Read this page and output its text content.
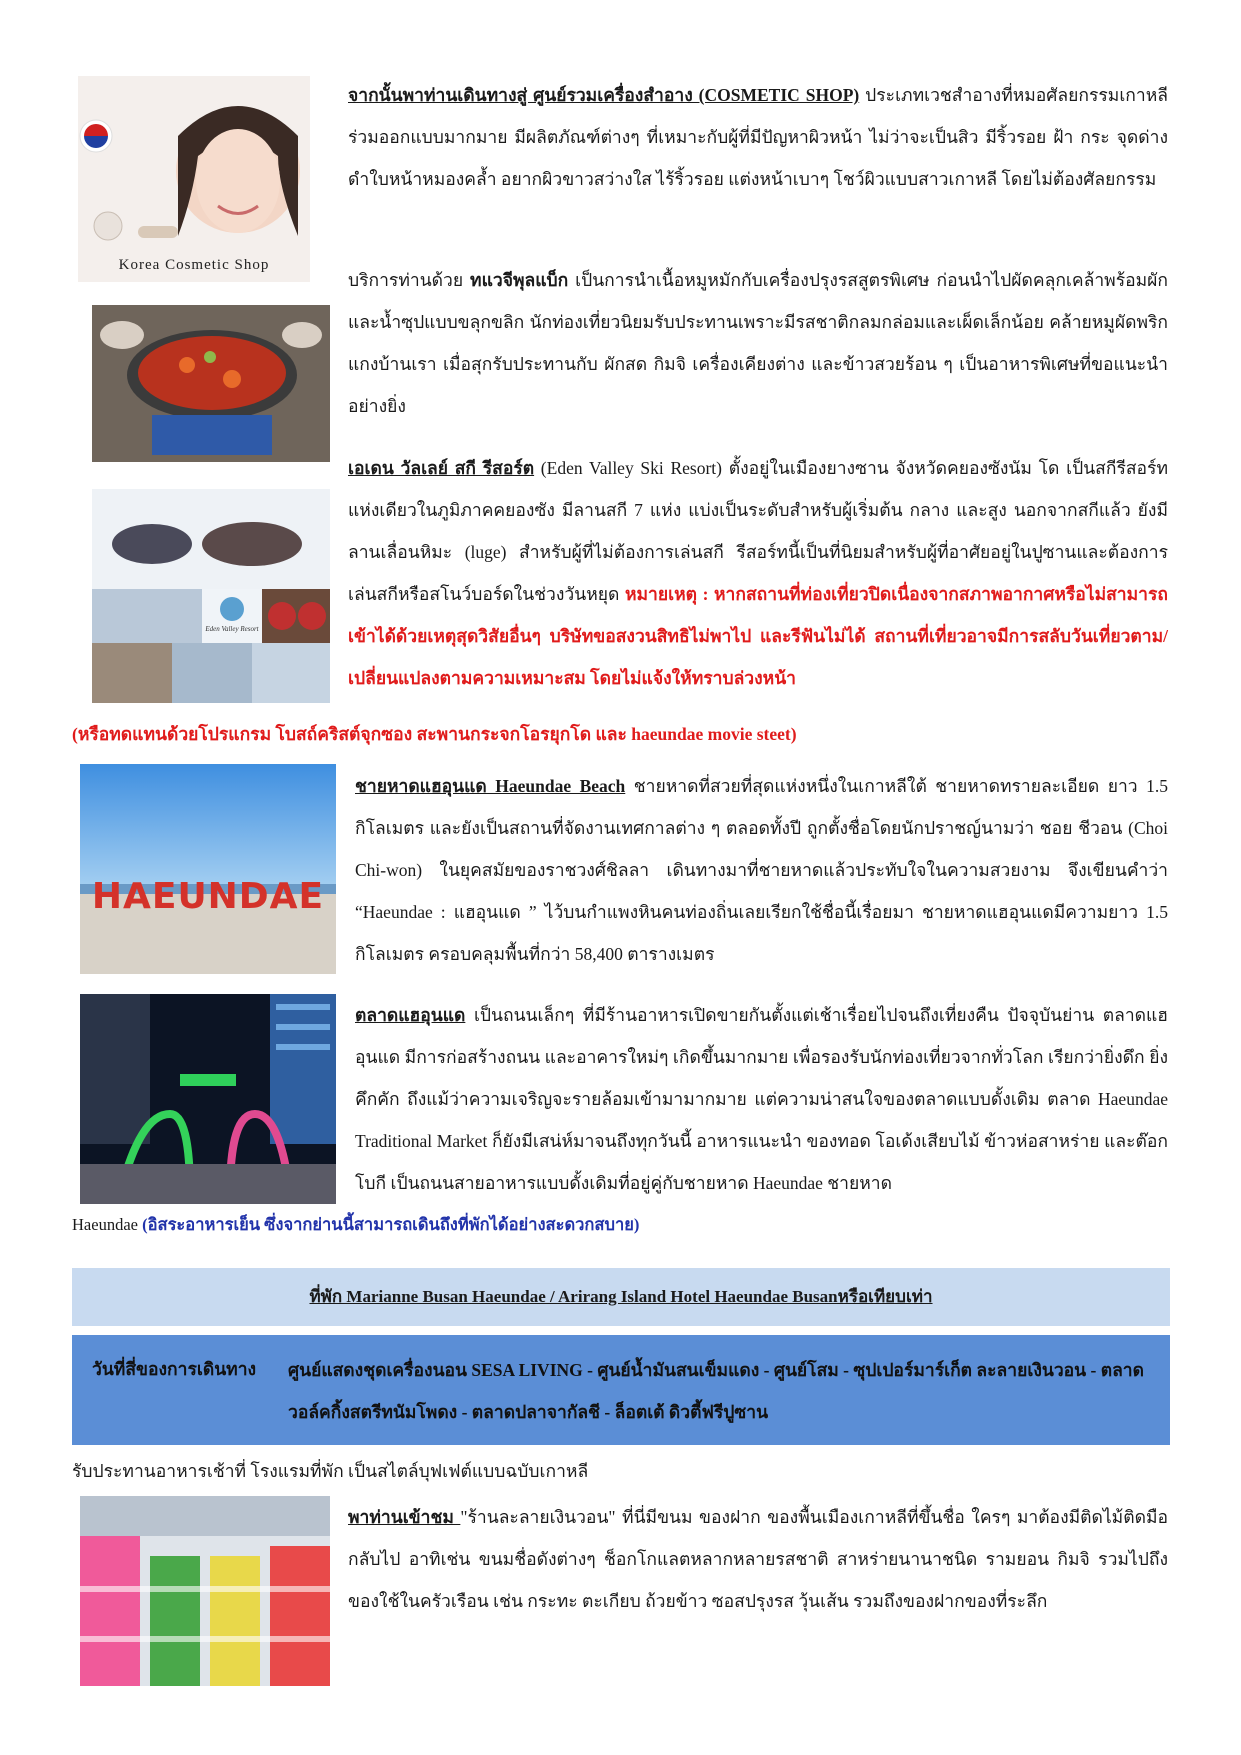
Korea Cosmetic Shop
จากนั้นพาท่านเดินทางสู่ ศูนย์รวมเครื่องสำอาง (COSMETIC SHOP) ประเภทเวชสำอางที่หมอศัลยกรรมเกาหลีร่วมออกแบบมากมาย มีผลิตภัณฑ์ต่างๆ ที่เหมาะกับผู้ที่มีปัญหาผิวหน้า ไม่ว่าจะเป็นสิว มีริ้วรอย ฝ้า กระ จุดด่างดำใบหน้าหมองคล้ำ อยากผิวขาวสว่างใส ไร้ริ้วรอย แต่งหน้าเบาๆ โชว์ผิวแบบสาวเกาหลี โดยไม่ต้องศัลยกรรม
บริการท่านด้วย ทแวจีพุลแบ็ก เป็นการนำเนื้อหมูหมักกับเครื่องปรุงรสสูตรพิเศษ ก่อนนำไปผัดคลุกเคล้าพร้อมผักและน้ำซุปแบบขลุกขลิก นักท่องเที่ยวนิยมรับประทานเพราะมีรสชาติกลมกล่อมและเผ็ดเล็กน้อย คล้ายหมูผัดพริกแกงบ้านเรา เมื่อสุกรับประทานกับ ผักสด กิมจิ เครื่องเคียงต่าง และข้าวสวยร้อน ๆ เป็นอาหารพิเศษที่ขอแนะนำอย่างยิ่ง
Eden Valley Resort
เอเดน วัลเลย์ สกี รีสอร์ต (Eden Valley Ski Resort) ตั้งอยู่ในเมืองยางซาน จังหวัดคยองซังนัม โด เป็นสกีรีสอร์ทแห่งเดียวในภูมิภาคคยองซัง มีลานสกี 7 แห่ง แบ่งเป็นระดับสำหรับผู้เริ่มต้น กลาง และสูง นอกจากสกีแล้ว ยังมีลานเลื่อนหิมะ (luge) สำหรับผู้ที่ไม่ต้องการเล่นสกี รีสอร์ทนี้เป็นที่นิยมสำหรับผู้ที่อาศัยอยู่ในปูซานและต้องการเล่นสกีหรือสโนว์บอร์ดในช่วงวันหยุด หมายเหตุ : หากสถานที่ท่องเที่ยวปิดเนื่องจากสภาพอากาศหรือไม่สามารถเข้าได้ด้วยเหตุสุดวิสัยอื่นๆ บริษัทขอสงวนสิทธิไม่พาไป และรีฟันไม่ได้ สถานที่เที่ยวอาจมีการสลับวันเที่ยวตาม/เปลี่ยนแปลงตามความเหมาะสม โดยไม่แจ้งให้ทราบล่วงหน้า
(หรือทดแทนด้วยโปรแกรม โบสถ์คริสต์จุกซอง สะพานกระจกโอรยุกโด และ haeundae movie steet)
HAEUNDAE
ชายหาดแฮอุนแด Haeundae Beach ชายหาดที่สวยที่สุดแห่งหนึ่งในเกาหลีใต้ ชายหาดทรายละเอียด ยาว 1.5 กิโลเมตร และยังเป็นสถานที่จัดงานเทศกาลต่าง ๆ ตลอดทั้งปี ถูกตั้งชื่อโดยนักปราชญ์นามว่า ชอย ชีวอน (Choi Chi-won) ในยุคสมัยของราชวงศ์ชิลลา เดินทางมาที่ชายหาดแล้วประทับใจในความสวยงาม จึงเขียนคำว่า “Haeundae : แฮอุนแด ” ไว้บนกำแพงหินคนท่องถิ่นเลยเรียกใช้ชื่อนี้เรื่อยมา ชายหาดแฮอุนแดมีความยาว 1.5 กิโลเมตร ครอบคลุมพื้นที่กว่า 58,400 ตารางเมตร
ตลาดแฮอุนแด เป็นถนนเล็กๆ ที่มีร้านอาหารเปิดขายกันตั้งแต่เช้าเรื่อยไปจนถึงเที่ยงคืน ปัจจุบันย่าน ตลาดแฮอุนแด มีการก่อสร้างถนน และอาคารใหม่ๆ เกิดขึ้นมากมาย เพื่อรองรับนักท่องเที่ยวจากทั่วโลก เรียกว่ายิ่งดึก ยิ่งคึกคัก ถึงแม้ว่าความเจริญจะรายล้อมเข้ามามากมาย แต่ความน่าสนใจของตลาดแบบดั้งเดิม ตลาด Haeundae Traditional Market ก็ยังมีเสน่ห์มาจนถึงทุกวันนี้ อาหารแนะนำ ของทอด โอเด้งเสียบไม้ ข้าวห่อสาหร่าย และต๊อกโบกี เป็นถนนสายอาหารแบบดั้งเดิมที่อยู่คู่กับชายหาด Haeundae ชายหาด
Haeundae (อิสระอาหารเย็น ซึ่งจากย่านนี้สามารถเดินถึงที่พักได้อย่างสะดวกสบาย)
ที่พัก Marianne Busan Haeundae / Arirang Island Hotel Haeundae Busanหรือเทียบเท่า
วันที่สี่ของการเดินทาง ศูนย์แสดงชุดเครื่องนอน SESA LIVING - ศูนย์น้ำมันสนเข็มแดง - ศูนย์โสม - ซุปเปอร์มาร์เก็ต ละลายเงินวอน - ตลาดวอล์คกิ้งสตรีทนัมโพดง - ตลาดปลาจากัลชี - ล็อตเต้ ดิวตี้ฟรีปูซาน
รับประทานอาหารเช้าที่ โรงแรมที่พัก เป็นสไตล์บุฟเฟต์แบบฉบับเกาหลี
พาท่านเข้าชม "ร้านละลายเงินวอน" ที่นี่มีขนม ของฝาก ของพื้นเมืองเกาหลีที่ขึ้นชื่อ ใครๆ มาต้องมีติดไม้ติดมือ กลับไป อาทิเช่น ขนมชื่อดังต่างๆ ช็อกโกแลตหลากหลายรสชาติ สาหร่ายนานาชนิด รามยอน กิมจิ รวมไปถึงของใช้ในครัวเรือน เช่น กระทะ ตะเกียบ ถ้วยข้าว ซอสปรุงรส วุ้นเส้น รวมถึงของฝากของที่ระลึก
